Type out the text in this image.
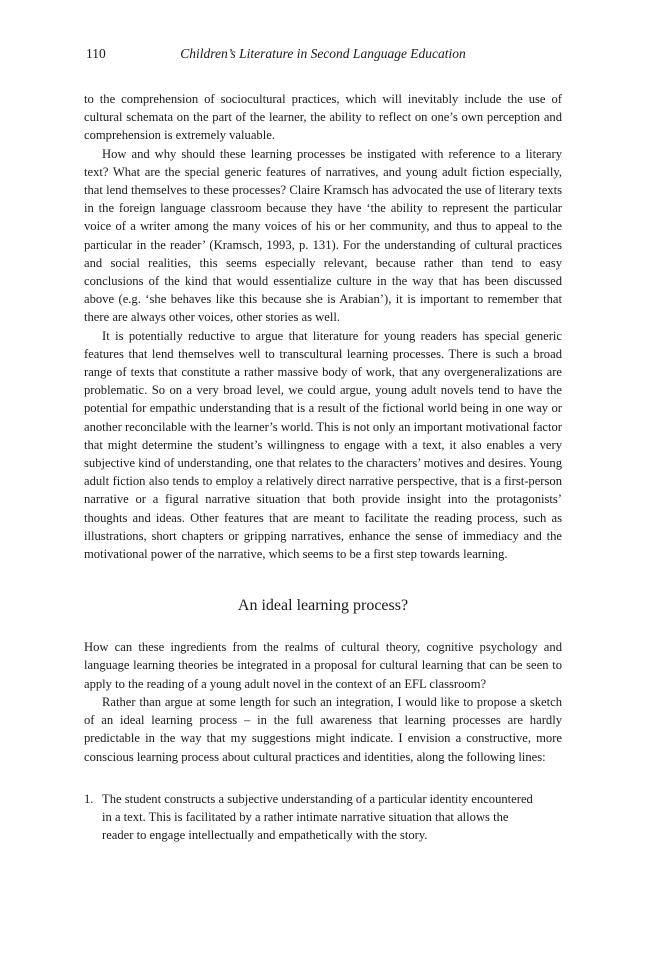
110	Children’s Literature in Second Language Education

to the comprehension of sociocultural practices, which will inevitably include the use of cultural schemata on the part of the learner, the ability to reflect on one’s own perception and comprehension is extremely valuable.

How and why should these learning processes be instigated with reference to a literary text? What are the special generic features of narratives, and young adult fiction especially, that lend themselves to these processes? Claire Kramsch has advocated the use of literary texts in the foreign language classroom because they have ‘the ability to represent the particular voice of a writer among the many voices of his or her community, and thus to appeal to the particular in the reader’ (Kramsch, 1993, p. 131). For the understanding of cultural practices and social realities, this seems especially relevant, because rather than tend to easy conclusions of the kind that would essentialize culture in the way that has been discussed above (e.g. ‘she behaves like this because she is Arabian’), it is important to remember that there are always other voices, other stories as well.

It is potentially reductive to argue that literature for young readers has special generic features that lend themselves well to transcultural learning processes. There is such a broad range of texts that constitute a rather massive body of work, that any overgeneralizations are problematic. So on a very broad level, we could argue, young adult novels tend to have the potential for empathic understanding that is a result of the fictional world being in one way or another reconcilable with the learner’s world. This is not only an important motivational factor that might determine the student’s willingness to engage with a text, it also enables a very subjective kind of understanding, one that relates to the characters’ motives and desires. Young adult fiction also tends to employ a relatively direct narrative perspective, that is a first-person narrative or a figural narrative situation that both provide insight into the protagonists’ thoughts and ideas. Other features that are meant to facilitate the reading process, such as illustrations, short chapters or gripping narratives, enhance the sense of immediacy and the motivational power of the narrative, which seems to be a first step towards learning.

An ideal learning process?

How can these ingredients from the realms of cultural theory, cognitive psychology and language learning theories be integrated in a proposal for cultural learning that can be seen to apply to the reading of a young adult novel in the context of an EFL classroom?

Rather than argue at some length for such an integration, I would like to propose a sketch of an ideal learning process – in the full awareness that learning processes are hardly predictable in the way that my suggestions might indicate. I envision a constructive, more conscious learning process about cultural practices and identities, along the following lines:

1. The student constructs a subjective understanding of a particular identity encountered in a text. This is facilitated by a rather intimate narrative situation that allows the reader to engage intellectually and empathetically with the story.
